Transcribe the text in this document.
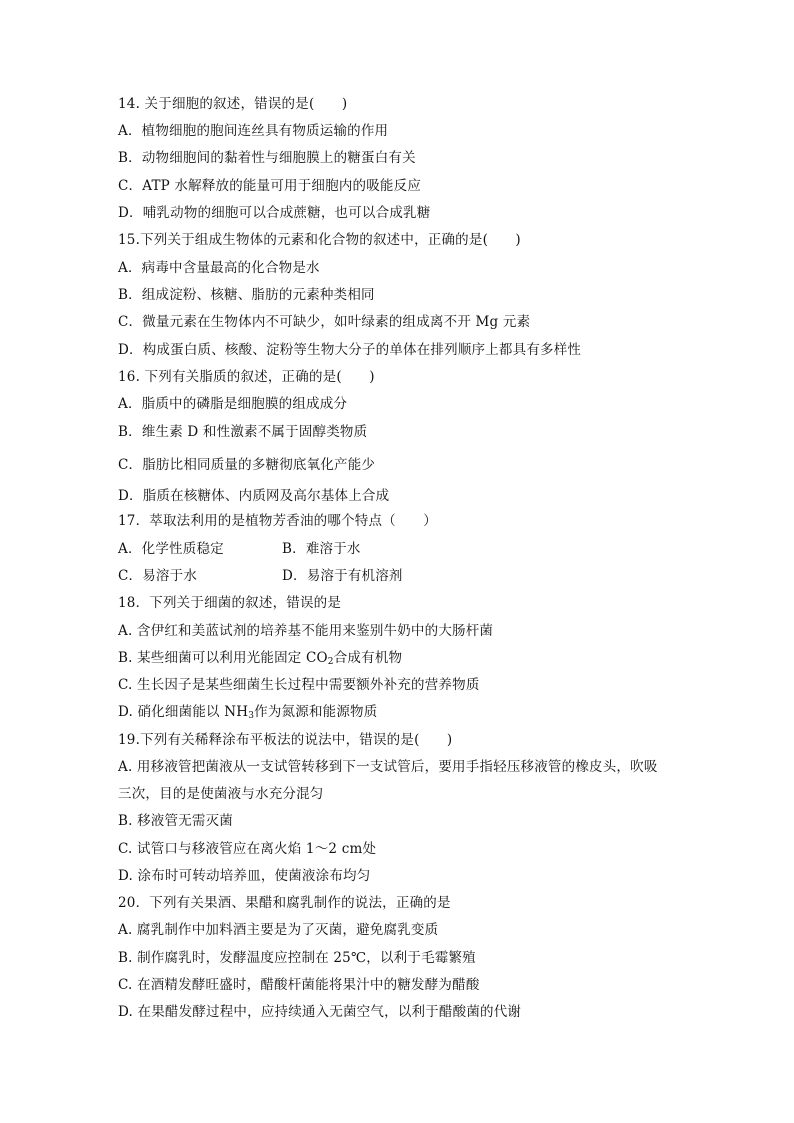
14. 关于细胞的叙述，错误的是(　　)
A．植物细胞的胞间连丝具有物质运输的作用
B．动物细胞间的黏着性与细胞膜上的糖蛋白有关
C．ATP 水解释放的能量可用于细胞内的吸能反应
D．哺乳动物的细胞可以合成蔗糖，也可以合成乳糖
15.下列关于组成生物体的元素和化合物的叙述中，正确的是(　　)
A．病毒中含量最高的化合物是水
B．组成淀粉、核糖、脂肪的元素种类相同
C．微量元素在生物体内不可缺少，如叶绿素的组成离不开 Mg 元素
D．构成蛋白质、核酸、淀粉等生物大分子的单体在排列顺序上都具有多样性
16. 下列有关脂质的叙述，正确的是(　　)
A．脂质中的磷脂是细胞膜的组成成分
B．维生素 D 和性激素不属于固醇类物质
C．脂肪比相同质量的多糖彻底氧化产能少
D．脂质在核糖体、内质网及高尔基体上合成
17．萃取法利用的是植物芳香油的哪个特点（　　）
A．化学性质稳定	B．难溶于水
C．易溶于水	D．易溶于有机溶剂
18．下列关于细菌的叙述，错误的是
A. 含伊红和美蓝试剂的培养基不能用来鉴别牛奶中的大肠杆菌
B. 某些细菌可以利用光能固定 $CO_2$合成有机物
C. 生长因子是某些细菌生长过程中需要额外补充的营养物质
D. 硝化细菌能以 $NH_3$作为氮源和能源物质
19.下列有关稀释涂布平板法的说法中，错误的是(　　)
A. 用移液管把菌液从一支试管转移到下一支试管后，要用手指轻压移液管的橡皮头，吹吸
三次，目的是使菌液与水充分混匀
B. 移液管无需灭菌
C. 试管口与移液管应在离火焰 1～2 cm处
D. 涂布时可转动培养皿，使菌液涂布均匀
20．下列有关果酒、果醋和腐乳制作的说法，正确的是
A. 腐乳制作中加料酒主要是为了灭菌，避免腐乳变质
B. 制作腐乳时，发酵温度应控制在 25℃，以利于毛霉繁殖
C. 在酒精发酵旺盛时，醋酸杆菌能将果汁中的糖发酵为醋酸
D. 在果醋发酵过程中，应持续通入无菌空气，以利于醋酸菌的代谢
